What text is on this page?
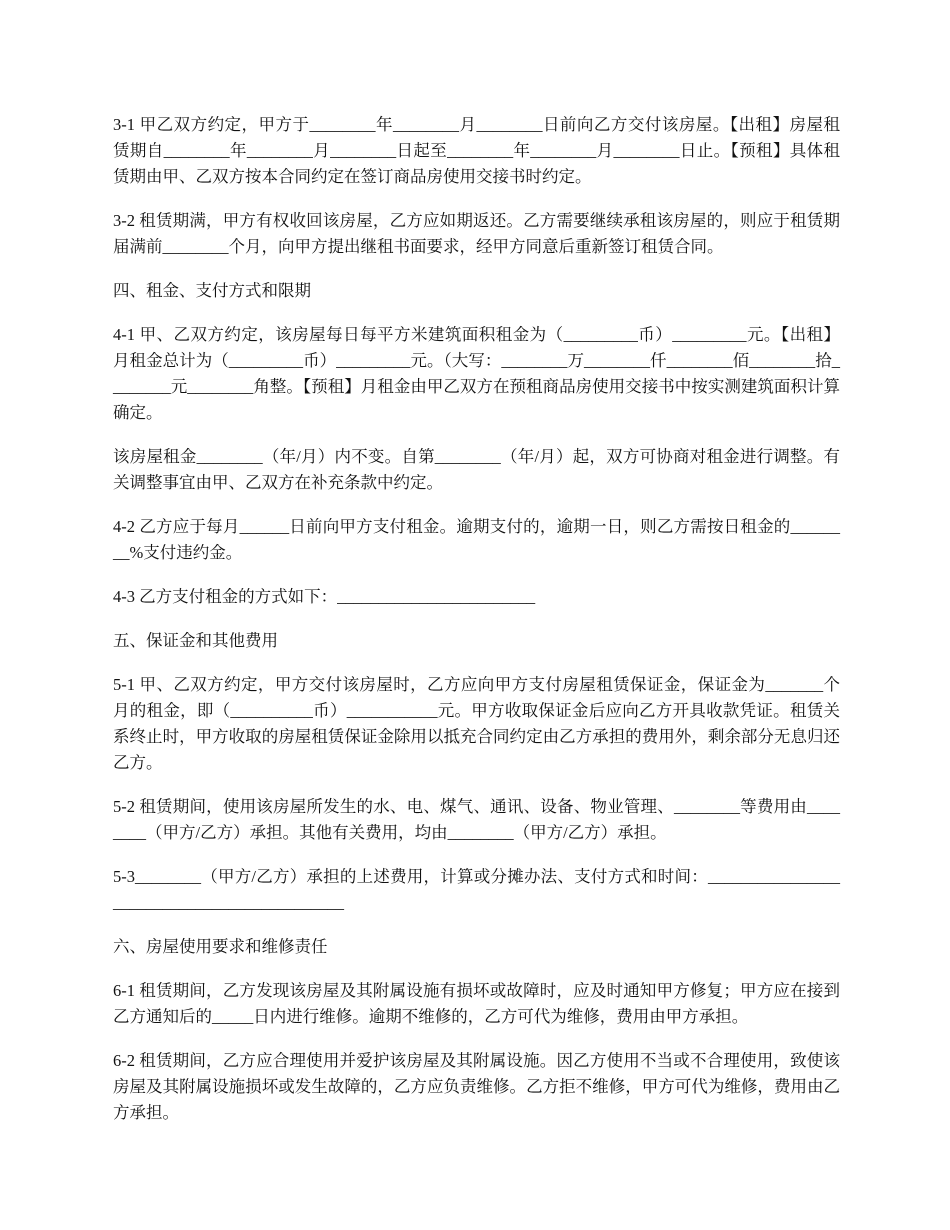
3-1 甲乙双方约定，甲方于________年________月________日前向乙方交付该房屋。【出租】房屋租赁期自________年________月________日起至________年________月________日止。【预租】具体租赁期由甲、乙双方按本合同约定在签订商品房使用交接书时约定。

3-2 租赁期满，甲方有权收回该房屋，乙方应如期返还。乙方需要继续承租该房屋的，则应于租赁期届满前________个月，向甲方提出继租书面要求，经甲方同意后重新签订租赁合同。

四、租金、支付方式和限期

4-1 甲、乙双方约定，该房屋每日每平方米建筑面积租金为（_________币）_________元。【出租】月租金总计为（_________币）_________元。（大写：________万________仟________佰________拾________元________角整。【预租】月租金由甲乙双方在预租商品房使用交接书中按实测建筑面积计算确定。

该房屋租金________（年/月）内不变。自第________（年/月）起，双方可协商对租金进行调整。有关调整事宜由甲、乙双方在补充条款中约定。

4-2 乙方应于每月______日前向甲方支付租金。逾期支付的，逾期一日，则乙方需按日租金的________%支付违约金。

4-3 乙方支付租金的方式如下：________________________

五、保证金和其他费用

5-1 甲、乙双方约定，甲方交付该房屋时，乙方应向甲方支付房屋租赁保证金，保证金为_______个月的租金，即（__________币）___________元。甲方收取保证金后应向乙方开具收款凭证。租赁关系终止时，甲方收取的房屋租赁保证金除用以抵充合同约定由乙方承担的费用外，剩余部分无息归还乙方。

5-2 租赁期间，使用该房屋所发生的水、电、煤气、通讯、设备、物业管理、________等费用由________（甲方/乙方）承担。其他有关费用，均由________（甲方/乙方）承担。

5-3________（甲方/乙方）承担的上述费用，计算或分摊办法、支付方式和时间：____________________________________________

六、房屋使用要求和维修责任

6-1 租赁期间，乙方发现该房屋及其附属设施有损坏或故障时，应及时通知甲方修复；甲方应在接到乙方通知后的_____日内进行维修。逾期不维修的，乙方可代为维修，费用由甲方承担。

6-2 租赁期间，乙方应合理使用并爱护该房屋及其附属设施。因乙方使用不当或不合理使用，致使该房屋及其附属设施损坏或发生故障的，乙方应负责维修。乙方拒不维修，甲方可代为维修，费用由乙方承担。
